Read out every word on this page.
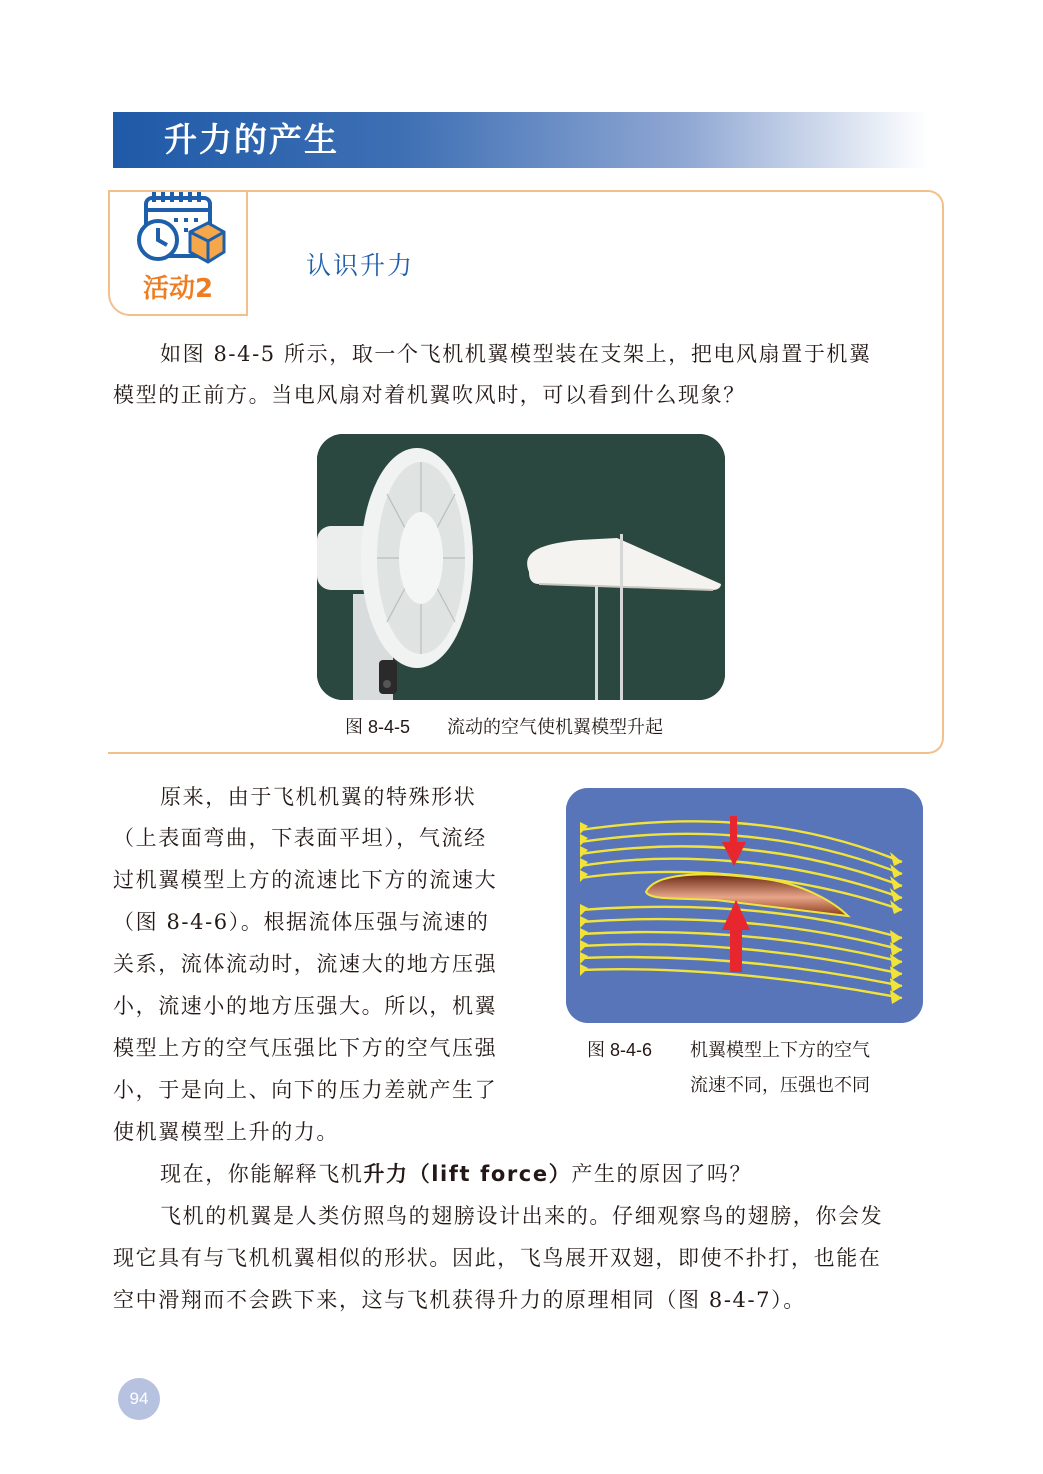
升力的产生
活动2
认识升力

如图 8-4-5 所示，取一个飞机机翼模型装在支架上，把电风扇置于机翼

模型的正前方。当电风扇对着机翼吹风时，可以看到什么现象？

图 8-4-5 流动的空气使机翼模型升起

原来，由于飞机机翼的特殊形状

（上表面弯曲，下表面平坦），气流经

过机翼模型上方的流速比下方的流速大

（图 8-4-6）。根据流体压强与流速的

关系，流体流动时，流速大的地方压强

小，流速小的地方压强大。所以，机翼

模型上方的空气压强比下方的空气压强

小，于是向上、向下的压力差就产生了

使机翼模型上升的力。

图 8-4-6 机翼模型上下方的空气
流速不同，压强也不同

现在，你能解释飞机升力（lift force）产生的原因了吗？

飞机的机翼是人类仿照鸟的翅膀设计出来的。仔细观察鸟的翅膀，你会发

现它具有与飞机机翼相似的形状。因此，飞鸟展开双翅，即使不扑打，也能在

空中滑翔而不会跌下来，这与飞机获得升力的原理相同（图 8-4-7）。

94
